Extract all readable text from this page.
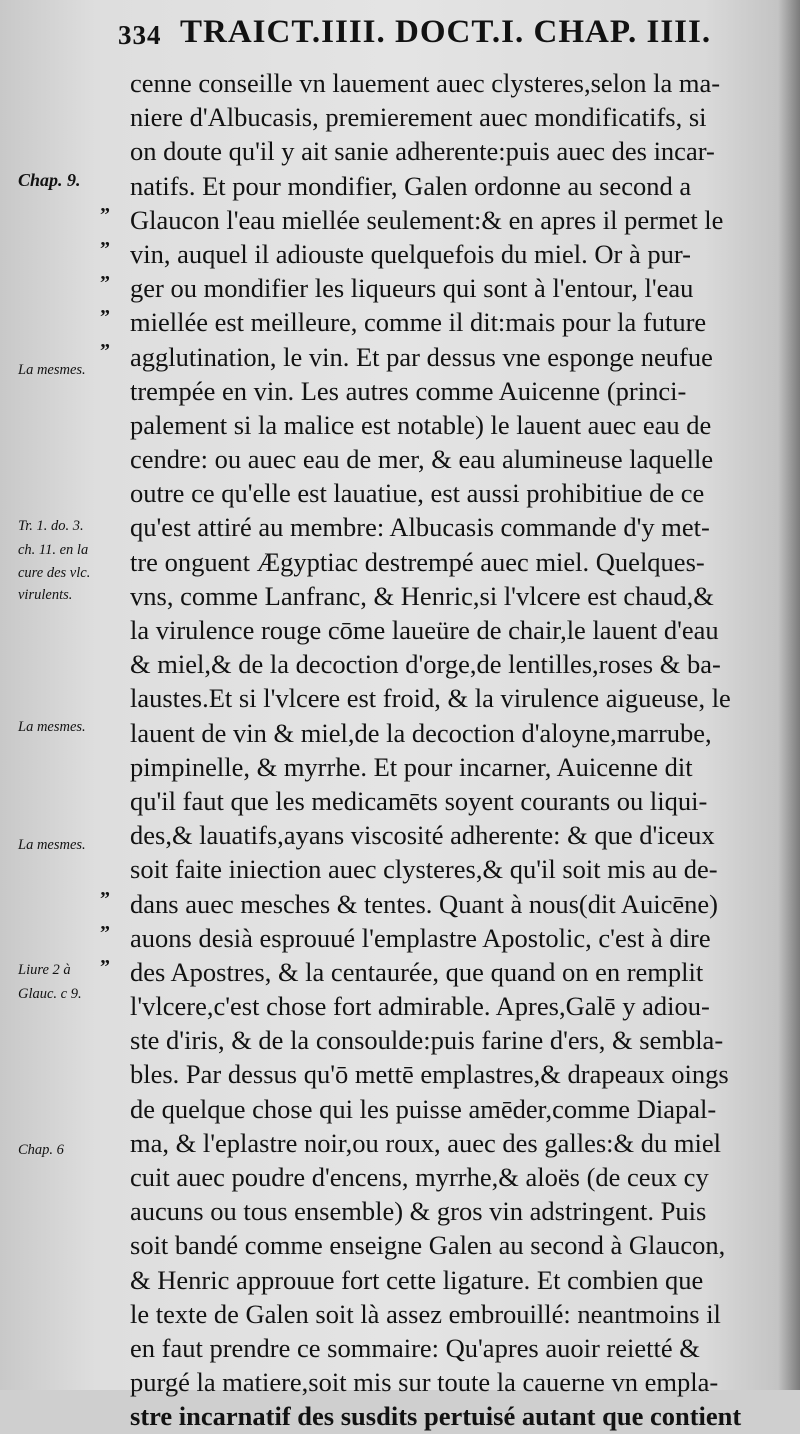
334 TRAICT.IIII. DOCT.I. CHAP. IIII.
”
”
”
”
”
”
”
”
Chap. 9.
La mesmes.
Tr. 1. do. 3.
ch. 11. en la
cure des vlc.
virulents.
La mesmes.
La mesmes.
Liure 2 à
Glauc. c 9.
Chap. 6
cenne conseille vn lauement auec clysteres,selon la ma-
niere d'Albucasis, premierement auec mondificatifs, si
on doute qu'il y ait sanie adherente:puis auec des incar-
natifs. Et pour mondifier, Galen ordonne au second a
Glaucon l'eau miellée seulement:& en apres il permet le
vin, auquel il adiouste quelquefois du miel. Or à pur-
ger ou mondifier les liqueurs qui sont à l'entour, l'eau
miellée est meilleure, comme il dit:mais pour la future
agglutination, le vin. Et par dessus vne esponge neufue
trempée en vin. Les autres comme Auicenne (princi-
palement si la malice est notable) le lauent auec eau de
cendre: ou auec eau de mer, & eau alumineuse laquelle
outre ce qu'elle est lauatiue, est aussi prohibitiue de ce
qu'est attiré au membre: Albucasis commande d'y met-
tre onguent Ægyptiac destrempé auec miel. Quelques-
vns, comme Lanfranc, & Henric,si l'vlcere est chaud,&
la virulence rouge cōme laueüre de chair,le lauent d'eau
& miel,& de la decoction d'orge,de lentilles,roses & ba-
laustes.Et si l'vlcere est froid, & la virulence aigueuse, le
lauent de vin & miel,de la decoction d'aloyne,marrube,
pimpinelle, & myrrhe. Et pour incarner, Auicenne dit
qu'il faut que les medicamēts soyent courants ou liqui-
des,& lauatifs,ayans viscosité adherente: & que d'iceux
soit faite iniection auec clysteres,& qu'il soit mis au de-
dans auec mesches & tentes. Quant à nous(dit Auicēne)
auons desià esprouué l'emplastre Apostolic, c'est à dire
des Apostres, & la centaurée, que quand on en remplit
l'vlcere,c'est chose fort admirable. Apres,Galē y adiou-
ste d'iris, & de la consoulde:puis farine d'ers, & sembla-
bles. Par dessus qu'ō mettē emplastres,& drapeaux oings
de quelque chose qui les puisse amēder,comme Diapal-
ma, & l'eplastre noir,ou roux, auec des galles:& du miel
cuit auec poudre d'encens, myrrhe,& aloës (de ceux cy
aucuns ou tous ensemble) & gros vin adstringent. Puis
soit bandé comme enseigne Galen au second à Glaucon,
& Henric approuue fort cette ligature. Et combien que
le texte de Galen soit là assez embrouillé: neantmoins il
en faut prendre ce sommaire: Qu'apres auoir reietté &
purgé la matiere,soit mis sur toute la cauerne vn empla-
stre incarnatif des susdits pertuisé autant que contient
